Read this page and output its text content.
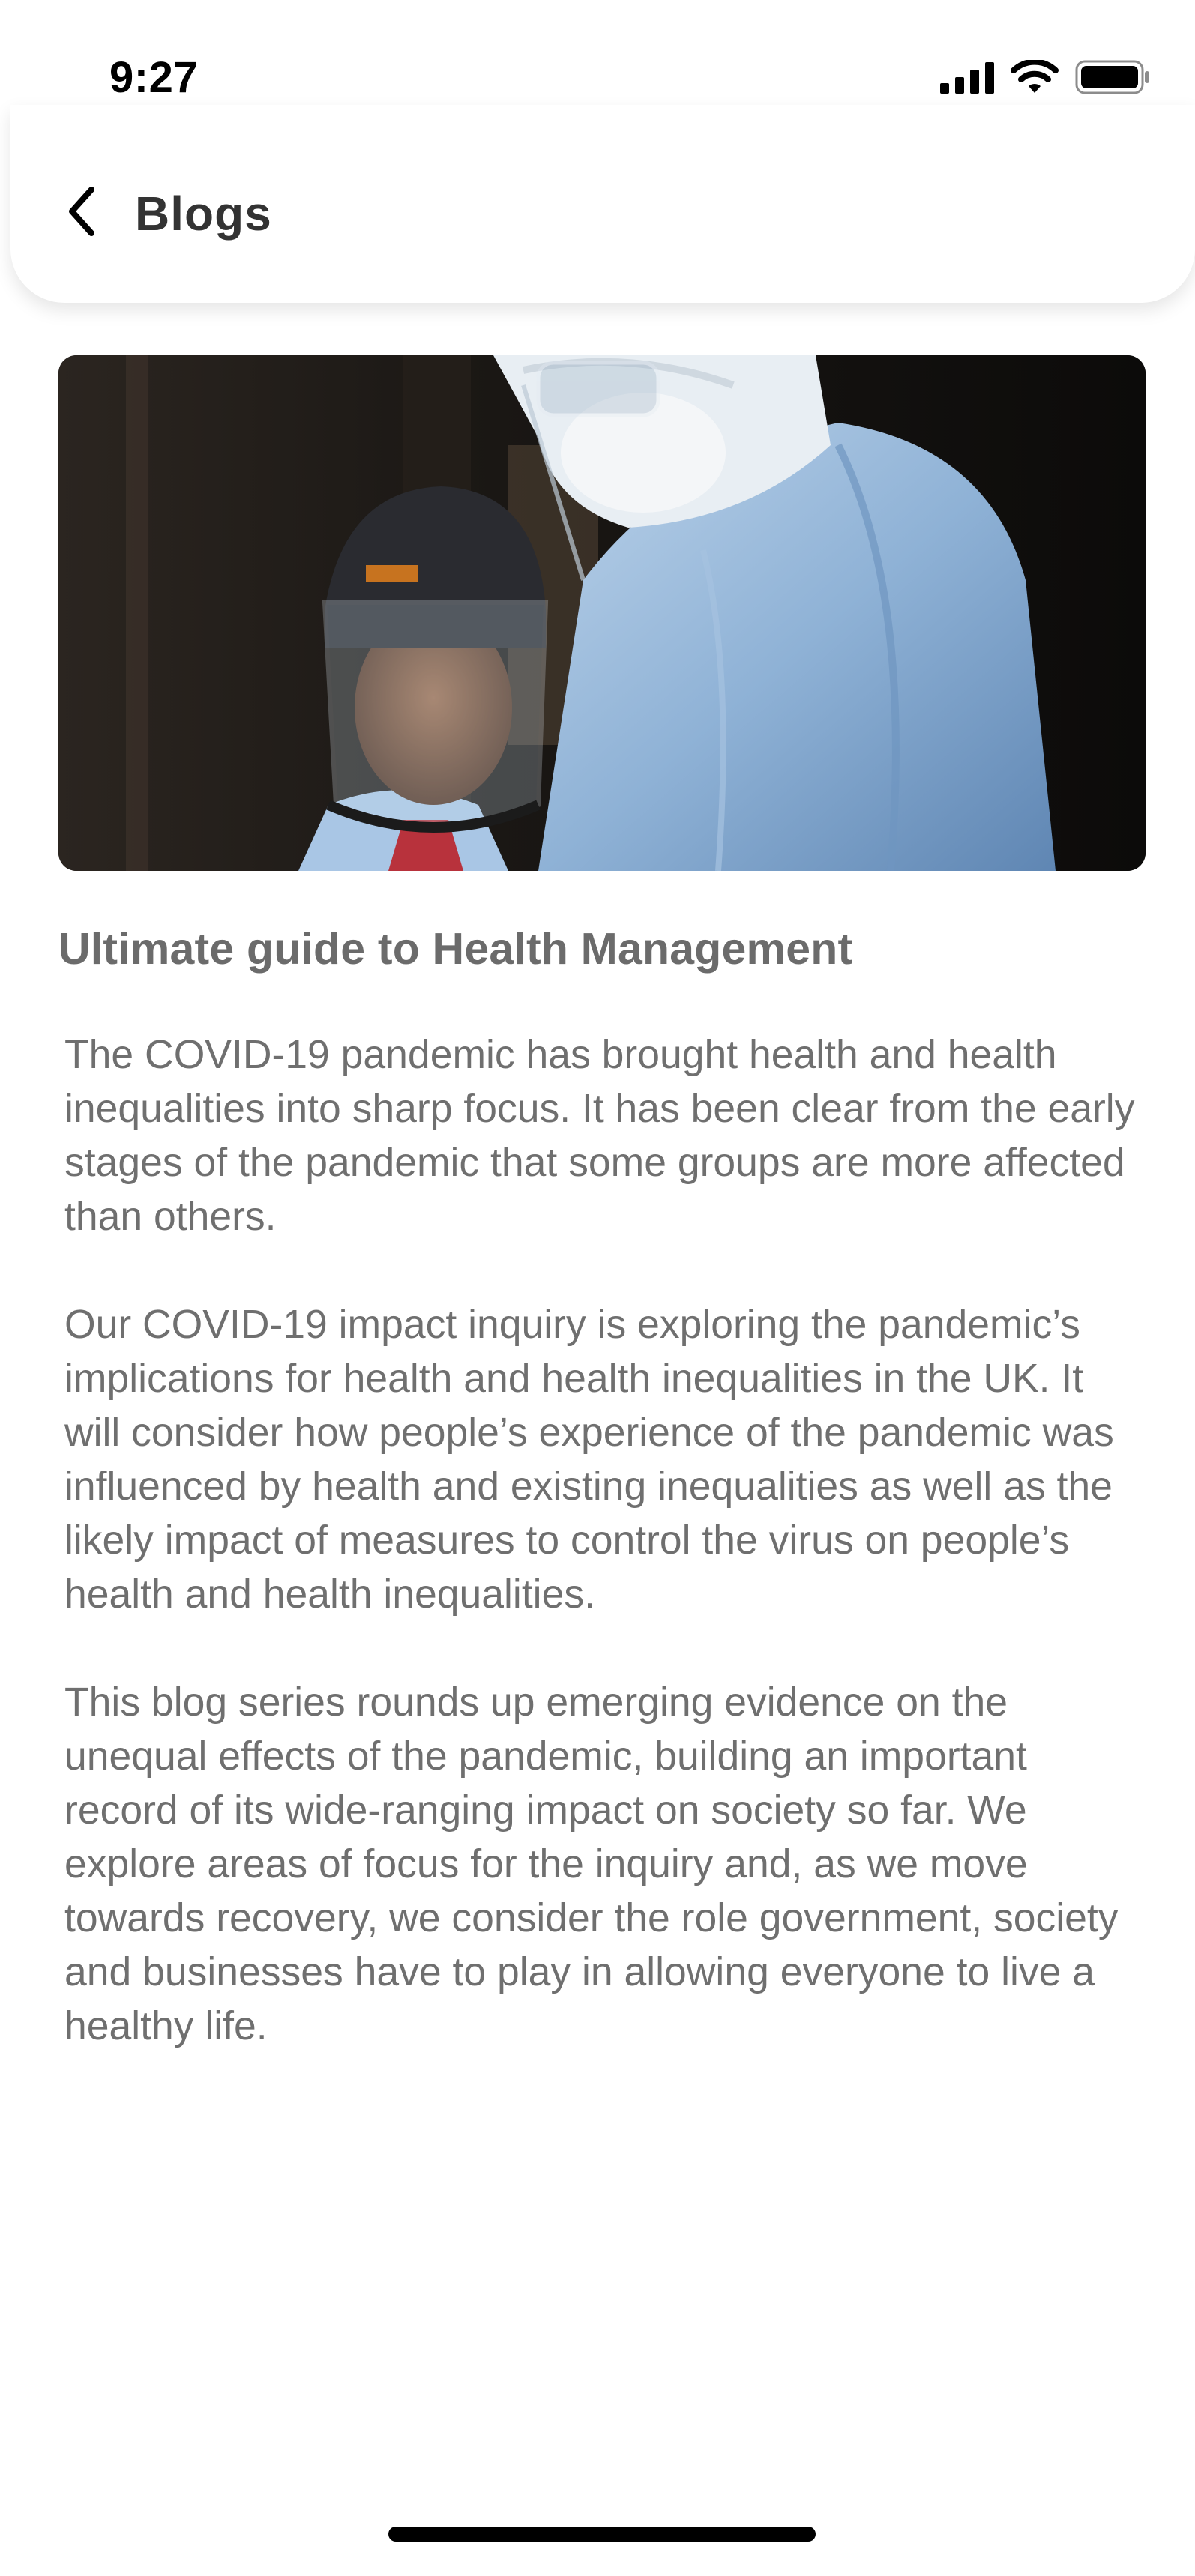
9:27
Blogs
Ultimate guide to Health Management

The COVID-19 pandemic has brought health and health inequalities into sharp focus. It has been clear from the early stages of the pandemic that some groups are more affected than others.

Our COVID-19 impact inquiry is exploring the pandemic’s implications for health and health inequalities in the UK. It will consider how people’s experience of the pandemic was influenced by health and existing inequalities as well as the likely impact of measures to control the virus on people’s health and health inequalities.

This blog series rounds up emerging evidence on the unequal effects of the pandemic, building an important record of its wide-ranging impact on society so far. We explore areas of focus for the inquiry and, as we move towards recovery, we consider the role government, society and businesses have to play in allowing everyone to live a healthy life.
